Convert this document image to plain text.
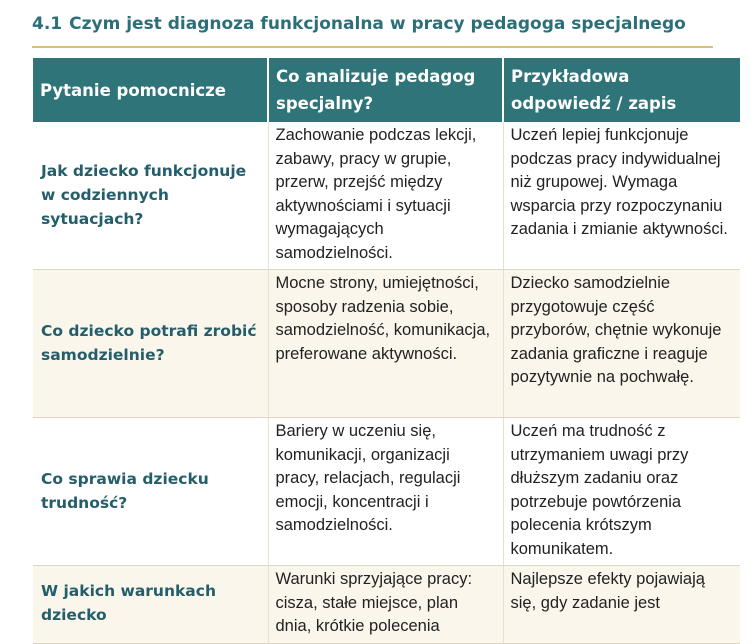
4.1 Czym jest diagnoza funkcjonalna w pracy pedagoga specjalnego
Pytanie pomocnicze	Co analizuje pedagog specjalny?	Przykładowa odpowiedź / zapis
Jak dziecko funkcjonuje w codziennych sytuacjach?	Zachowanie podczas lekcji, zabawy, pracy w grupie, przerw, przejść między aktywnościami i sytuacji wymagających samodzielności.	Uczeń lepiej funkcjonuje podczas pracy indywidualnej niż grupowej. Wymaga wsparcia przy rozpoczynaniu zadania i zmianie aktywności.
Co dziecko potrafi zrobić samodzielnie?	Mocne strony, umiejętności, sposoby radzenia sobie, samodzielność, komunikacja, preferowane aktywności.	Dziecko samodzielnie przygotowuje część przyborów, chętnie wykonuje zadania graficzne i reaguje pozytywnie na pochwałę.
Co sprawia dziecku trudność?	Bariery w uczeniu się, komunikacji, organizacji pracy, relacjach, regulacji emocji, koncentracji i samodzielności.	Uczeń ma trudność z utrzymaniem uwagi przy dłuższym zadaniu oraz potrzebuje powtórzenia polecenia krótszym komunikatem.
W jakich warunkach dziecko	Warunki sprzyjające pracy: cisza, stałe miejsce, plan dnia, krótkie polecenia	Najlepsze efekty pojawiają się, gdy zadanie jest
